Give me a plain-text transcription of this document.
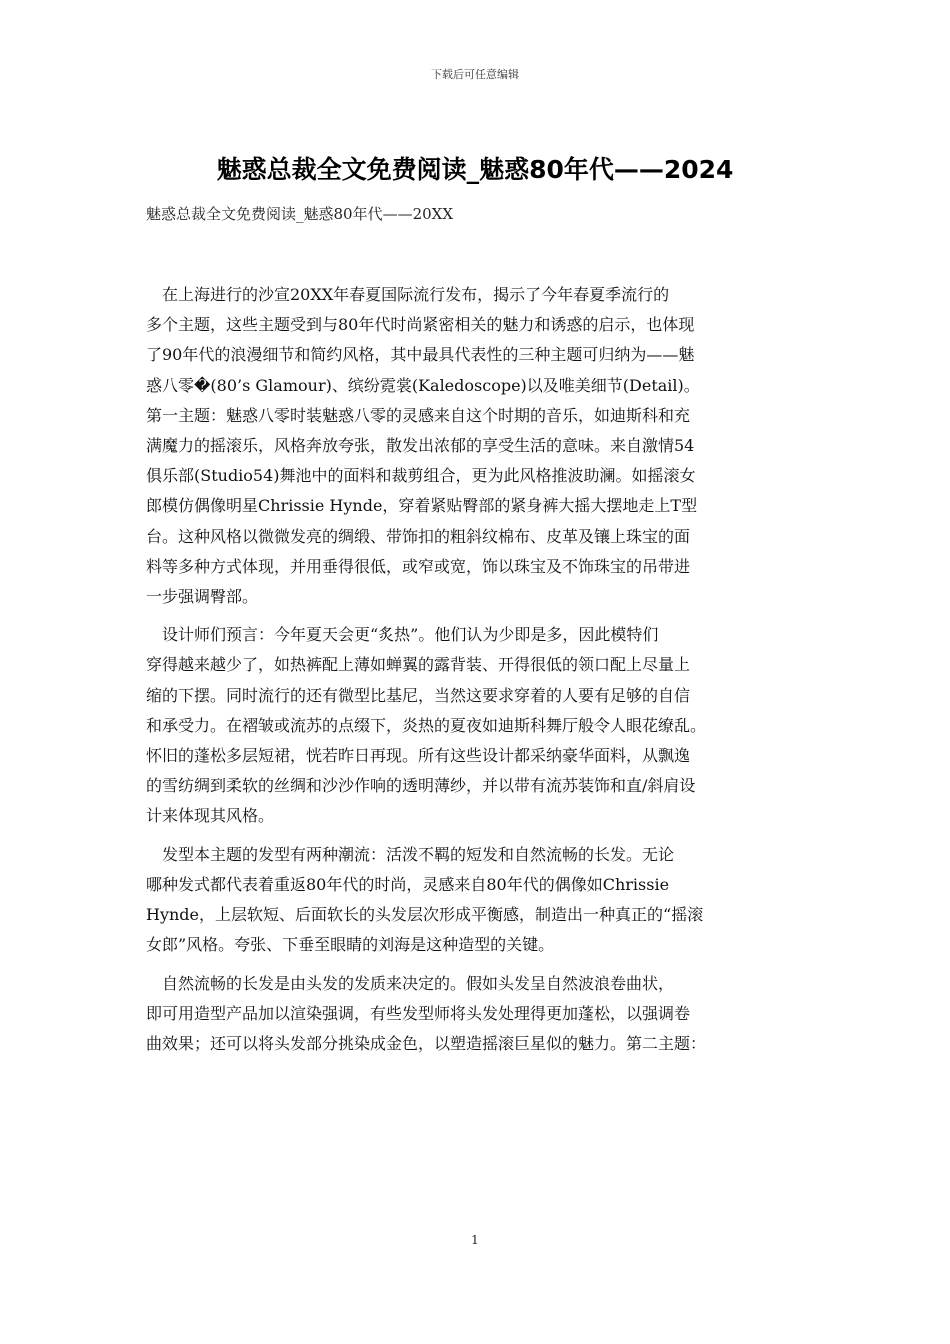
下载后可任意编辑
魅惑总裁全文免费阅读_魅惑80年代——2024
魅惑总裁全文免费阅读_魅惑80年代——20XX
　在上海进行的沙宣20XX年春夏国际流行发布，揭示了今年春夏季流行的
多个主题，这些主题受到与80年代时尚紧密相关的魅力和诱惑的启示，也体现
了90年代的浪漫细节和简约风格，其中最具代表性的三种主题可归纳为——魅
惑八零�(80’s Glamour)、缤纷霓裳(Kaledoscope)以及唯美细节(Detail)。
第一主题：魅惑八零时装魅惑八零的灵感来自这个时期的音乐，如迪斯科和充
满魔力的摇滚乐，风格奔放夸张，散发出浓郁的享受生活的意味。来自激情54
俱乐部(Studio54)舞池中的面料和裁剪组合，更为此风格推波助澜。如摇滚女
郎模仿偶像明星Chrissie Hynde，穿着紧贴臀部的紧身裤大摇大摆地走上T型
台。这种风格以微微发亮的绸缎、带饰扣的粗斜纹棉布、皮革及镶上珠宝的面
料等多种方式体现，并用垂得很低，或窄或宽，饰以珠宝及不饰珠宝的吊带进
一步强调臀部。
　设计师们预言：今年夏天会更“炙热”。他们认为少即是多，因此模特们
穿得越来越少了，如热裤配上薄如蝉翼的露背装、开得很低的领口配上尽量上
缩的下摆。同时流行的还有微型比基尼，当然这要求穿着的人要有足够的自信
和承受力。在褶皱或流苏的点缀下，炎热的夏夜如迪斯科舞厅般令人眼花缭乱。
怀旧的蓬松多层短裙，恍若昨日再现。所有这些设计都采纳豪华面料，从飘逸
的雪纺绸到柔软的丝绸和沙沙作响的透明薄纱，并以带有流苏装饰和直/斜肩设
计来体现其风格。
　发型本主题的发型有两种潮流：活泼不羁的短发和自然流畅的长发。无论
哪种发式都代表着重返80年代的时尚，灵感来自80年代的偶像如Chrissie
Hynde，上层软短、后面软长的头发层次形成平衡感，制造出一种真正的“摇滚
女郎”风格。夸张、下垂至眼睛的刘海是这种造型的关键。
　自然流畅的长发是由头发的发质来决定的。假如头发呈自然波浪卷曲状，
即可用造型产品加以渲染强调，有些发型师将头发处理得更加蓬松，以强调卷
曲效果；还可以将头发部分挑染成金色，以塑造摇滚巨星似的魅力。第二主题：
1
